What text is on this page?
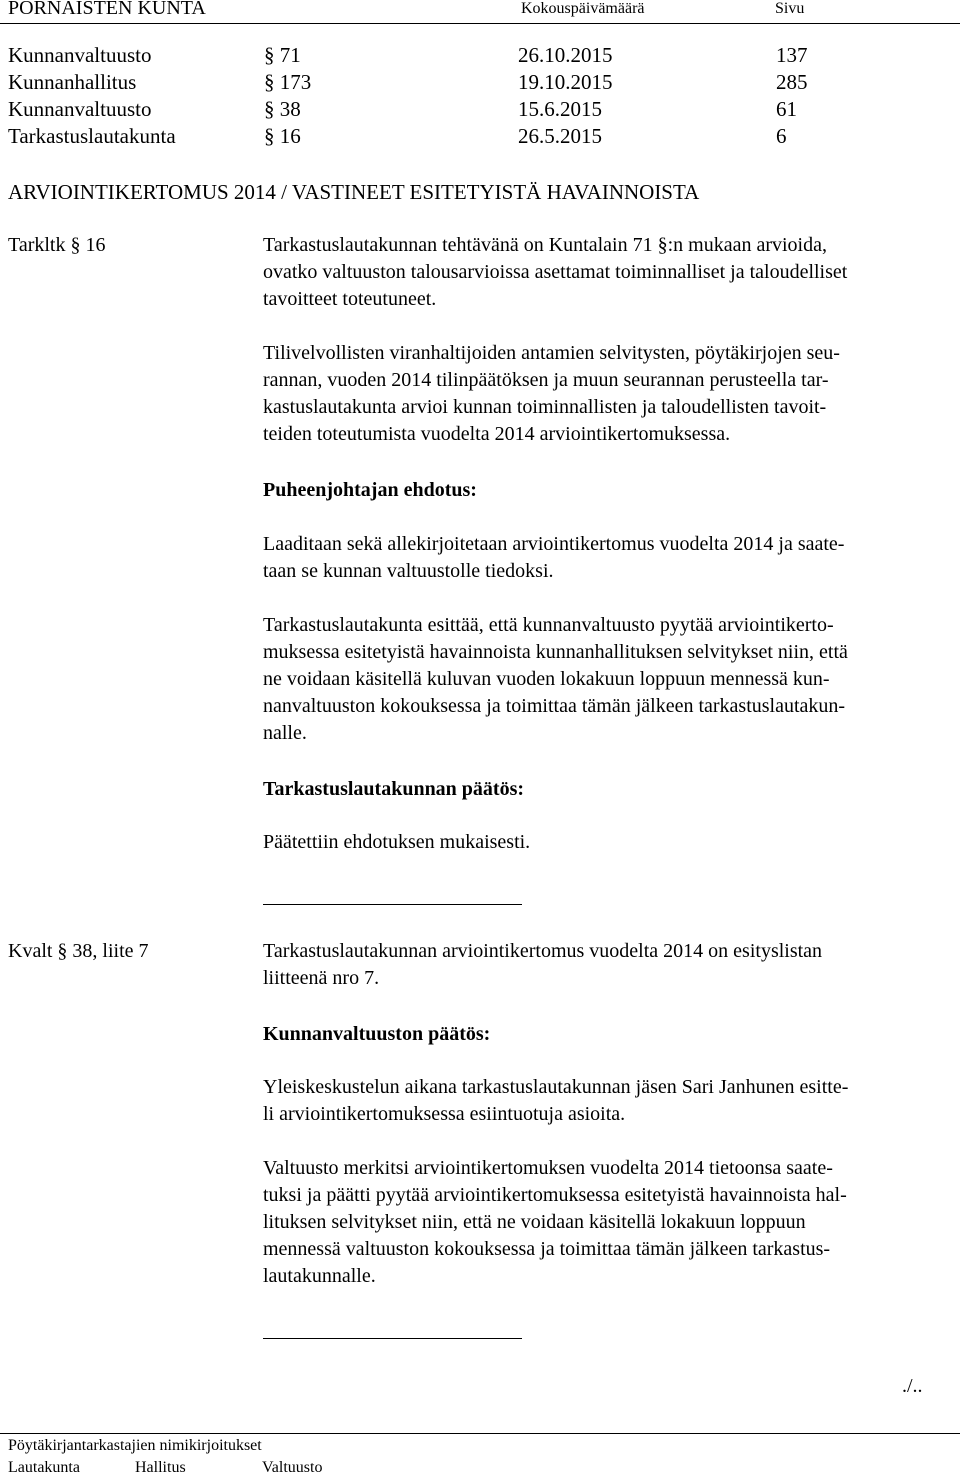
PORNAISTEN KUNTA	Kokouspäivämäärä	Sivu
Kunnanvaltuusto	§ 71	26.10.2015	137
Kunnanhallitus	§ 173	19.10.2015	285
Kunnanvaltuusto	§ 38	15.6.2015	61
Tarkastuslautakunta	§ 16	26.5.2015	6
ARVIOINTIKERTOMUS 2014 / VASTINEET ESITETYISTÄ HAVAINNOISTA
Tarkltk § 16	Tarkastuslautakunnan tehtävänä on Kuntalain 71 §:n mukaan arvioida,
ovatko valtuuston talousarvioissa asettamat toiminnalliset ja taloudelliset
tavoitteet toteutuneet.
Tilivelvollisten viranhaltijoiden antamien selvitysten, pöytäkirjojen seu-
rannan, vuoden 2014 tilinpäätöksen ja muun seurannan perusteella tar-
kastuslautakunta arvioi kunnan toiminnallisten ja taloudellisten tavoit-
teiden toteutumista vuodelta 2014 arviointikertomuksessa.
Puheenjohtajan ehdotus:
Laaditaan sekä allekirjoitetaan arviointikertomus vuodelta 2014 ja saate-
taan se kunnan valtuustolle tiedoksi.
Tarkastuslautakunta esittää, että kunnanvaltuusto pyytää arviointikerto-
muksessa esitetyistä havainnoista kunnanhallituksen selvitykset niin, että
ne voidaan käsitellä kuluvan vuoden lokakuun loppuun mennessä kun-
nanvaltuuston kokouksessa ja toimittaa tämän jälkeen tarkastuslautakun-
nalle.
Tarkastuslautakunnan päätös:
Päätettiin ehdotuksen mukaisesti.
Kvalt § 38, liite 7	Tarkastuslautakunnan arviointikertomus vuodelta 2014 on esityslistan
liitteenä nro 7.
Kunnanvaltuuston päätös:
Yleiskeskustelun aikana tarkastuslautakunnan jäsen Sari Janhunen esitte-
li arviointikertomuksessa esiintuotuja asioita.
Valtuusto merkitsi arviointikertomuksen vuodelta 2014 tietoonsa saate-
tuksi ja päätti pyytää arviointikertomuksessa esitetyistä havainnoista hal-
lituksen selvitykset niin, että ne voidaan käsitellä lokakuun loppuun
mennessä valtuuston kokouksessa ja toimittaa tämän jälkeen tarkastus-
lautakunnalle.
./..
Pöytäkirjantarkastajien nimikirjoitukset
Lautakunta	Hallitus	Valtuusto
